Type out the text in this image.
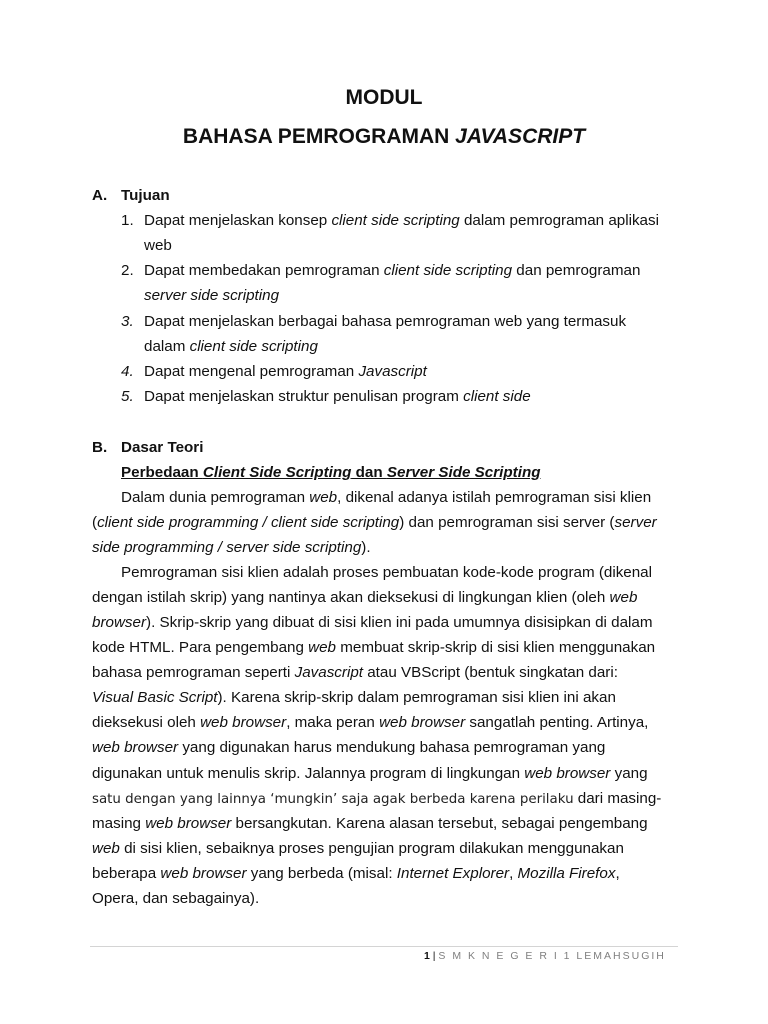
MODUL
BAHASA PEMROGRAMAN JAVASCRIPT
A. Tujuan
1. Dapat menjelaskan konsep client side scripting dalam pemrograman aplikasi
web
2. Dapat membedakan pemrograman client side scripting dan pemrograman
server side scripting
3. Dapat menjelaskan berbagai bahasa pemrograman web yang termasuk
dalam client side scripting
4. Dapat mengenal pemrograman Javascript
5. Dapat menjelaskan struktur penulisan program client side
B. Dasar Teori
Perbedaan Client Side Scripting dan Server Side Scripting
Dalam dunia pemrograman web, dikenal adanya istilah pemrograman sisi klien
(client side programming / client side scripting) dan pemrograman sisi server (server
side programming / server side scripting).
Pemrograman sisi klien adalah proses pembuatan kode-kode program (dikenal
dengan istilah skrip) yang nantinya akan dieksekusi di lingkungan klien (oleh web
browser). Skrip-skrip yang dibuat di sisi klien ini pada umumnya disisipkan di dalam
kode HTML. Para pengembang web membuat skrip-skrip di sisi klien menggunakan
bahasa pemrograman seperti Javascript atau VBScript (bentuk singkatan dari:
Visual Basic Script). Karena skrip-skrip dalam pemrograman sisi klien ini akan
dieksekusi oleh web browser, maka peran web browser sangatlah penting. Artinya,
web browser yang digunakan harus mendukung bahasa pemrograman yang
digunakan untuk menulis skrip. Jalannya program di lingkungan web browser yang
satu dengan yang lainnya ‘mungkin’ saja agak berbeda karena perilaku dari masing-
masing web browser bersangkutan. Karena alasan tersebut, sebagai pengembang
web di sisi klien, sebaiknya proses pengujian program dilakukan menggunakan
beberapa web browser yang berbeda (misal: Internet Explorer, Mozilla Firefox,
Opera, dan sebagainya).
1 | S M K N E G E R I 1 LEMAHSUGIH
